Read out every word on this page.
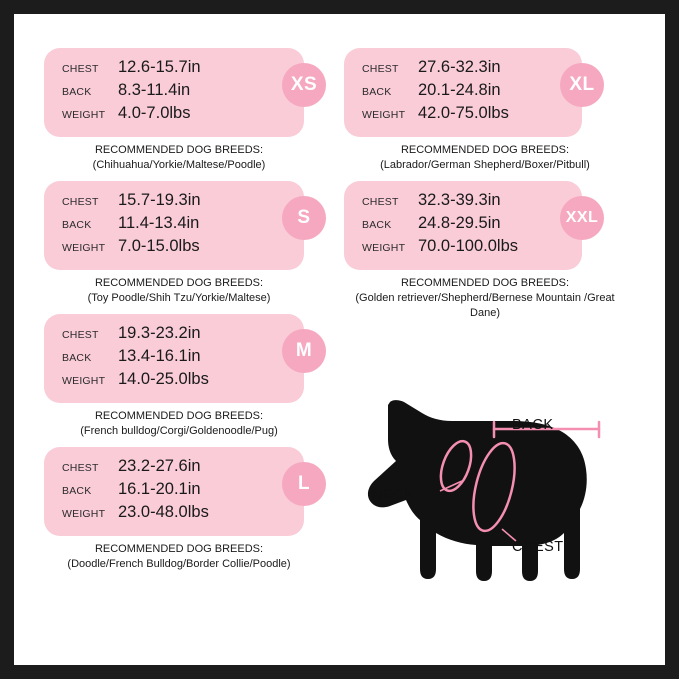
CHEST	12.6-15.7in
BACK	8.3-11.4in
WEIGHT 4.0-7.0lbs
XS
RECOMMENDED DOG BREEDS:
(Chihuahua/Yorkie/Maltese/Poodle)
CHEST	15.7-19.3in
BACK	11.4-13.4in
WEIGHT 7.0-15.0lbs
S
RECOMMENDED DOG BREEDS:
(Toy Poodle/Shih Tzu/Yorkie/Maltese)
CHEST	19.3-23.2in
BACK	13.4-16.1in
WEIGHT 14.0-25.0lbs
M
RECOMMENDED DOG BREEDS:
(French bulldog/Corgi/Goldenoodle/Pug)
CHEST	23.2-27.6in
BACK	16.1-20.1in
WEIGHT 23.0-48.0lbs
L
RECOMMENDED DOG BREEDS:
(Doodle/French Bulldog/Border Collie/Poodle)
CHEST	27.6-32.3in
BACK	20.1-24.8in
WEIGHT 42.0-75.0lbs
XL
RECOMMENDED DOG BREEDS:
(Labrador/German Shepherd/Boxer/Pitbull)
CHEST	32.3-39.3in
BACK	24.8-29.5in
WEIGHT 70.0-100.0lbs
XXL
RECOMMENDED DOG BREEDS:
(Golden retriever/Shepherd/Bernese Mountain /Great Dane)
BACK
NECK
CHEST
